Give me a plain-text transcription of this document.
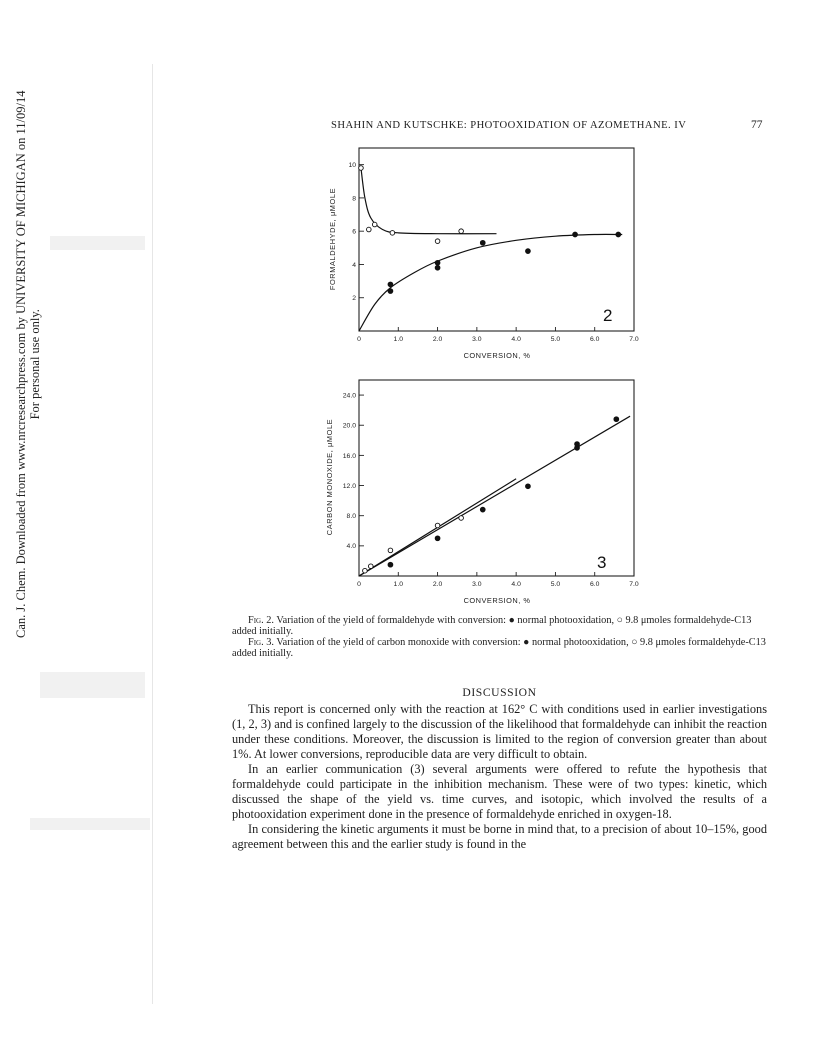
Can. J. Chem. Downloaded from www.nrcresearchpress.com by UNIVERSITY OF MICHIGAN on 11/09/14 For personal use only.
SHAHIN AND KUTSCHKE: PHOTOOXIDATION OF AZOMETHANE. IV	77
0	1.0	2.0	3.0	4.0	5.0	6.0	7.0
2
4
6
8
10
2
CONVERSION, %
FORMALDEHYDE, μMOLE
0	1.0	2.0	3.0	4.0	5.0	6.0	7.0
4.0
8.0
12.0
16.0
20.0
24.0
3
CONVERSION, %
CARBON MONOXIDE, μMOLE
Fig. 2. Variation of the yield of formaldehyde with conversion: ● normal photooxidation, ○ 9.8 μmoles formaldehyde-C13 added initially.
Fig. 3. Variation of the yield of carbon monoxide with conversion: ● normal photooxidation, ○ 9.8 μmoles formaldehyde-C13 added initially.
DISCUSSION

This report is concerned only with the reaction at 162° C with conditions used in earlier investigations (1, 2, 3) and is confined largely to the discussion of the likelihood that formaldehyde can inhibit the reaction under these conditions. Moreover, the discussion is limited to the region of conversion greater than about 1%. At lower conversions, reproducible data are very difficult to obtain.

In an earlier communication (3) several arguments were offered to refute the hypothesis that formaldehyde could participate in the inhibition mechanism. These were of two types: kinetic, which discussed the shape of the yield vs. time curves, and isotopic, which involved the results of a photooxidation experiment done in the presence of formaldehyde enriched in oxygen-18.

In considering the kinetic arguments it must be borne in mind that, to a precision of about 10–15%, good agreement between this and the earlier study is found in the
